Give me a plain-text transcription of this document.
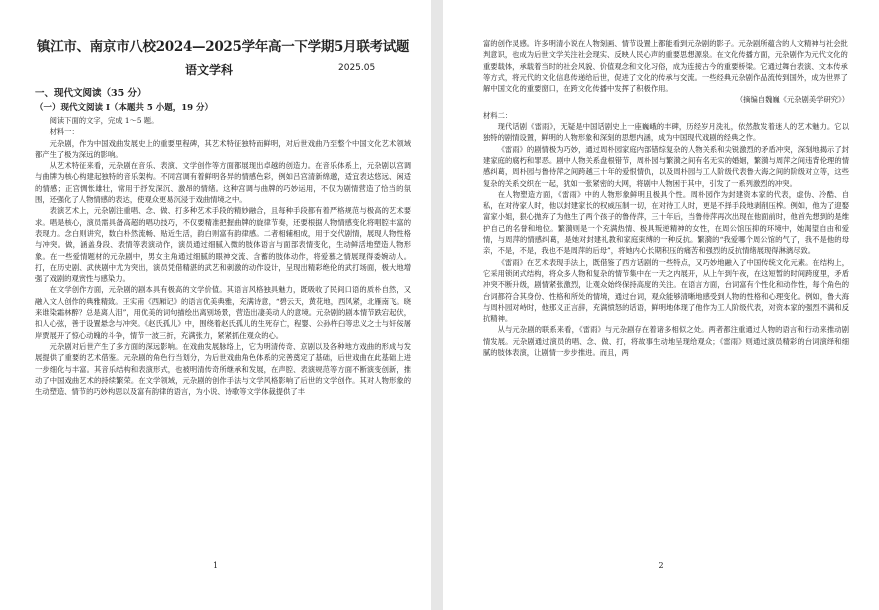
镇江市、南京市八校2024—2025学年高一下学期5月联考试题

语文学科	2025.05

一、现代文阅读（35 分）

（一）现代文阅读 I（本题共 5 小题，19 分）

阅读下面的文字，完成 1～5 题。

材料一：

元杂剧，作为中国戏曲发展史上的重要里程碑，其艺术特征独特而鲜明，对后世戏曲乃至整个中国文化艺术领域都产生了极为深远的影响。

从艺术特征来看，元杂剧在音乐、表演、文学创作等方面都展现出卓越的创造力。在音乐体系上，元杂剧以宫调与曲牌为核心构建起独特的音乐架构。不同宫调有着鲜明各异的情感色彩，例如吕宫清新绵邈，适宜表达悠远、闲适的情感；正宫惆怅雄壮，常用于抒发深沉、激昂的情绪。这种宫调与曲牌的巧妙运用，不仅为剧情营造了恰当的氛围，还强化了人物情感的表达，使观众更易沉浸于戏曲情境之中。

表演艺术上，元杂剧注重唱、念、做、打多种艺术手段的精妙融合，且每种手段都有着严格规范与极高的艺术要求。唱是核心，演员需具备高超的唱功技巧，不仅要精准把握曲牌的旋律节奏，还要根据人物情感变化将唱腔丰富的表现力。念白则讲究，数白朴然流畅、贴近生活，韵白则富有韵律感。二者相辅相成，用于交代剧情，展现人物性格与冲突。做，涵盖身段、表情等表演动作，演员通过细腻入微的肢体语言与面部表情变化，生动鲜活地塑造人物形象。在一些爱情题材的元杂剧中，男女主角通过细腻的眼神交流、含蓄的肢体动作，将爱慕之情展现得委婉动人。打，在历史剧、武侠剧中尤为突出，演员凭借精湛的武艺和刺激的动作设计，呈现出精彩绝伦的武打场面，极大地增强了戏剧的观赏性与感染力。

在文学创作方面，元杂剧的剧本具有极高的文学价值。其语言风格独具魅力，既吸收了民间口语的质朴自然，又融入文人创作的典雅精致。王实甫《西厢记》的语言优美典雅，充满诗意，“碧云天，黄花地，西风紧，北雁南飞。晓来谁染霜林醉？总是离人泪”，用优美的词句描绘出离别场景，营造出凄美动人的意境。元杂剧的剧本情节跌宕起伏，扣人心弦，善于设置悬念与冲突。《赵氏孤儿》中，围绕着赵氏孤儿的生死存亡，程婴、公孙杵臼等忠义之士与奸佞屠岸贾展开了惊心动魄的斗争，情节一波三折，充满张力，紧紧抓住观众的心。

元杂剧对后世产生了多方面的深远影响。在戏曲发展脉络上，它为明清传奇、京剧以及各种地方戏曲的形成与发展提供了重要的艺术借鉴。元杂剧的角色行当划分，为后世戏曲角色体系的完善奠定了基础，后世戏曲在此基础上进一步细化与丰富。其音乐结构和表演形式，也被明清传奇所继承和发展，在声腔、表演规范等方面不断演变创新，推动了中国戏曲艺术的持续繁荣。在文学领域，元杂剧的创作手法与文学风格影响了后世的文学创作。其对人物形象的生动塑造、情节的巧妙构思以及富有韵律的语言，为小说、诗歌等文学体裁提供了丰

1

富的创作灵感。许多明清小说在人物刻画、情节设置上都能看到元杂剧的影子。元杂剧所蕴含的人文精神与社会批判意识，也成为后世文学关注社会现实、反映人民心声的重要思想源泉。在文化传播方面，元杂剧作为元代文化的重要载体，承载着当时的社会风貌、价值观念和文化习俗，成为连接古今的重要桥梁。它通过舞台表演、文本传承等方式，将元代的文化信息传递给后世，促进了文化的传承与交流。一些经典元杂剧作品流传到国外，成为世界了解中国文化的重要窗口，在跨文化传播中发挥了积极作用。

（摘编自魏巍《元杂剧美学研究》）

材料二：

现代话剧《雷雨》，无疑是中国话剧史上一座巍峨的丰碑，历经岁月洗礼，依然散发着迷人的艺术魅力。它以独特的剧情设置，鲜明的人物形象和深刻的思想内涵，成为中国现代戏剧的经典之作。

《雷雨》的剧情极为巧妙，通过周朴园家庭内部错综复杂的人物关系和尖锐激烈的矛盾冲突，深刻地揭示了封建家庭的腐朽和罪恶。剧中人物关系盘根错节，周朴园与繁漪之间有名无实的婚姻，繁漪与周萍之间违背伦理的情感纠葛，周朴园与鲁侍萍之间跨越三十年的爱恨情仇，以及周朴园与工人阶级代表鲁大海之间的阶级对立等，这些复杂的关系交织在一起，犹如一张紧密的大网，将剧中人物困于其中，引发了一系列激烈的冲突。

在人物塑造方面，《雷雨》中的人物形象鲜明且极具个性。周朴园作为封建资本家的代表，虚伪、冷酷、自私，在对待家人时，他以封建家长的权威压制一切，在对待工人时，更是不择手段地剥削压榨。例如，他为了迎娶富家小姐，狠心抛弃了为他生了两个孩子的鲁侍萍，三十年后，当鲁侍萍再次出现在他面前时，他首先想到的是维护自己的名誉和地位。繁漪则是一个充满热情、极具叛逆精神的女性，在周公馆压抑的环境中，她渴望自由和爱情，与周萍的情感纠葛，是她对封建礼教和家庭束缚的一种反抗。繁漪的“我爱哪个周公馆的气了，我不是他的母亲，不是，不是，我也不是周萍的后母”，将她内心长期积压的痛苦和强烈的反抗情绪展现得淋漓尽致。

《雷雨》在艺术表现手法上，既借鉴了西方话剧的一些特点，又巧妙地融入了中国传统文化元素。在结构上，它采用锁闭式结构，将众多人物和复杂的情节集中在一天之内展开，从上午到午夜，在这短暂的时间跨度里，矛盾冲突不断升级，剧情紧张激烈，让观众始终保持高度的关注。在语言方面，台词富有个性化和动作性，每个角色的台词都符合其身份、性格和所处的情境，通过台词，观众能够清晰地感受到人物的性格和心理变化。例如，鲁大海与周朴园对峙时，他那义正言辞，充满愤怒的话语，鲜明地体现了他作为工人阶级代表，对资本家的强烈不满和反抗精神。

从与元杂剧的联系来看，《雷雨》与元杂剧存在着诸多相似之处。两者都注重通过人物的语言和行动来推动剧情发展。元杂剧通过演员的唱、念、做、打，将故事生动地呈现给观众；《雷雨》则通过演员精彩的台词演绎和细腻的肢体表演，让剧情一步步推进。而且，两

2
